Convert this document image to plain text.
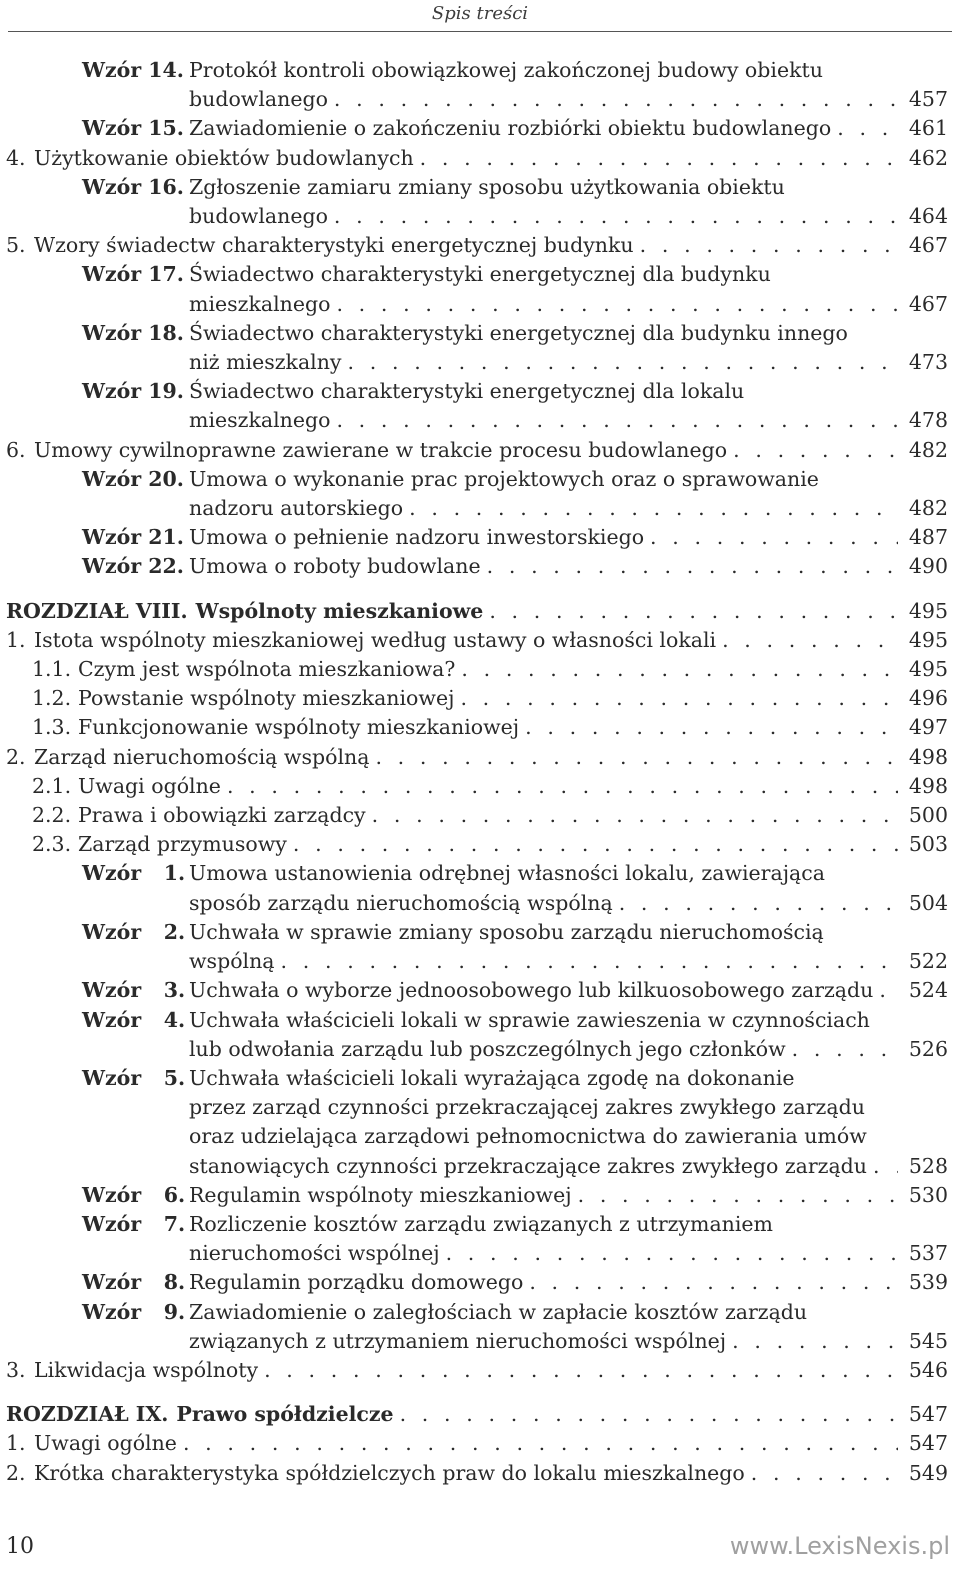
Spis treści
Wzór 14. Protokół kontroli obowiązkowej zakończonej budowy obiektu
budowlanego . . .	457
Wzór 15. Zawiadomienie o zakończeniu rozbiórki obiektu budowlanego . . .	461
4. Użytkowanie obiektów budowlanych . . .	462
Wzór 16. Zgłoszenie zamiaru zmiany sposobu użytkowania obiektu
budowlanego . . .	464
5. Wzory świadectw charakterystyki energetycznej budynku . . .	467
Wzór 17. Świadectwo charakterystyki energetycznej dla budynku
mieszkalnego . . .	467
Wzór 18. Świadectwo charakterystyki energetycznej dla budynku innego
niż mieszkalny . . .	473
Wzór 19. Świadectwo charakterystyki energetycznej dla lokalu
mieszkalnego . . .	478
6. Umowy cywilnoprawne zawierane w trakcie procesu budowlanego . . .	482
Wzór 20. Umowa o wykonanie prac projektowych oraz o sprawowanie
nadzoru autorskiego . . .	482
Wzór 21. Umowa o pełnienie nadzoru inwestorskiego . . .	487
Wzór 22. Umowa o roboty budowlane . . .	490
ROZDZIAŁ VIII. Wspólnoty mieszkaniowe . . .	495
1. Istota wspólnoty mieszkaniowej według ustawy o własności lokali . . .	495
1.1. Czym jest wspólnota mieszkaniowa? . . .	495
1.2. Powstanie wspólnoty mieszkaniowej . . .	496
1.3. Funkcjonowanie wspólnoty mieszkaniowej . . .	497
2. Zarząd nieruchomością wspólną . . .	498
2.1. Uwagi ogólne . . .	498
2.2. Prawa i obowiązki zarządcy . . .	500
2.3. Zarząd przymusowy . . .	503
Wzór 1. Umowa ustanowienia odrębnej własności lokalu, zawierająca
sposób zarządu nieruchomością wspólną . . .	504
Wzór 2. Uchwała w sprawie zmiany sposobu zarządu nieruchomością
wspólną . . .	522
Wzór 3. Uchwała o wyborze jednoosobowego lub kilkuosobowego zarządu . . . 524
Wzór 4. Uchwała właścicieli lokali w sprawie zawieszenia w czynnościach
lub odwołania zarządu lub poszczególnych jego członków . . .	526
Wzór 5. Uchwała właścicieli lokali wyrażająca zgodę na dokonanie
przez zarząd czynności przekraczającej zakres zwykłego zarządu
oraz udzielająca zarządowi pełnomocnictwa do zawierania umów
stanowiących czynności przekraczające zakres zwykłego zarządu . . . 528
Wzór 6. Regulamin wspólnoty mieszkaniowej . . .	530
Wzór 7. Rozliczenie kosztów zarządu związanych z utrzymaniem
nieruchomości wspólnej . . .	537
Wzór 8. Regulamin porządku domowego . . .	539
Wzór 9. Zawiadomienie o zaległościach w zapłacie kosztów zarządu
związanych z utrzymaniem nieruchomości wspólnej . . .	545
3. Likwidacja wspólnoty . . .	546
ROZDZIAŁ IX. Prawo spółdzielcze . . .	547
1. Uwagi ogólne . . .	547
2. Krótka charakterystyka spółdzielczych praw do lokalu mieszkalnego . . .	549
10	www.LexisNexis.pl
